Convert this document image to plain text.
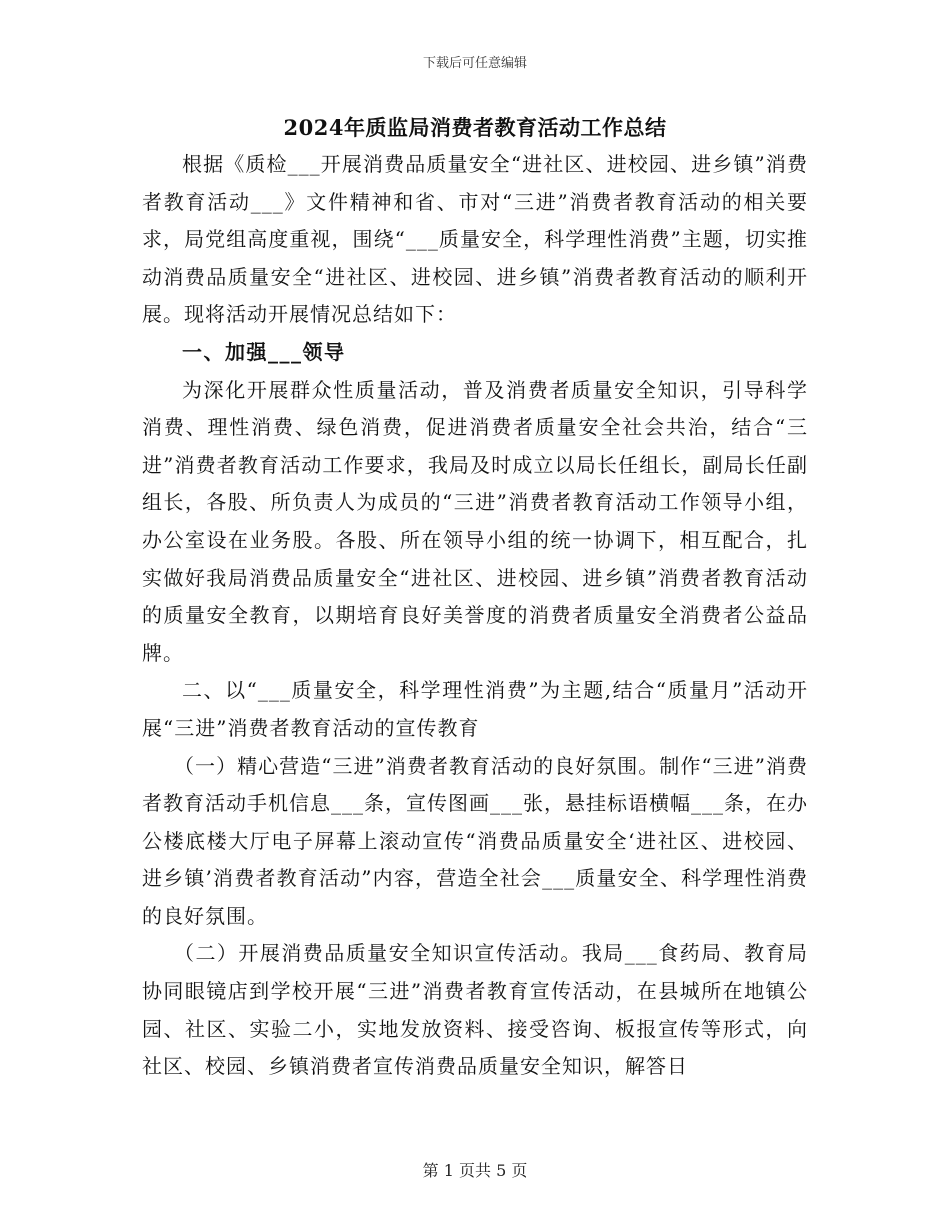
下载后可任意编辑
2024年质监局消费者教育活动工作总结

根据《质检___开展消费品质量安全“进社区、进校园、进乡镇”消费者教育活动___》文件精神和省、市对“三进”消费者教育活动的相关要求，局党组高度重视，围绕“___质量安全，科学理性消费”主题，切实推动消费品质量安全“进社区、进校园、进乡镇”消费者教育活动的顺利开展。现将活动开展情况总结如下：

一、加强___领导

为深化开展群众性质量活动，普及消费者质量安全知识，引导科学消费、理性消费、绿色消费，促进消费者质量安全社会共治，结合“三进”消费者教育活动工作要求，我局及时成立以局长任组长，副局长任副组长，各股、所负责人为成员的“三进”消费者教育活动工作领导小组，办公室设在业务股。各股、所在领导小组的统一协调下，相互配合，扎实做好我局消费品质量安全“进社区、进校园、进乡镇”消费者教育活动的质量安全教育，以期培育良好美誉度的消费者质量安全消费者公益品牌。

二、以“___质量安全，科学理性消费”为主题,结合“质量月”活动开展“三进”消费者教育活动的宣传教育

（一）精心营造“三进”消费者教育活动的良好氛围。制作“三进”消费者教育活动手机信息___条，宣传图画___张，悬挂标语横幅___条，在办公楼底楼大厅电子屏幕上滚动宣传“消费品质量安全‘进社区、进校园、进乡镇’消费者教育活动”内容，营造全社会___质量安全、科学理性消费的良好氛围。

（二）开展消费品质量安全知识宣传活动。我局___食药局、教育局协同眼镜店到学校开展“三进”消费者教育宣传活动，在县城所在地镇公园、社区、实验二小，实地发放资料、接受咨询、板报宣传等形式，向社区、校园、乡镇消费者宣传消费品质量安全知识，解答日

第 1 页共 5 页
